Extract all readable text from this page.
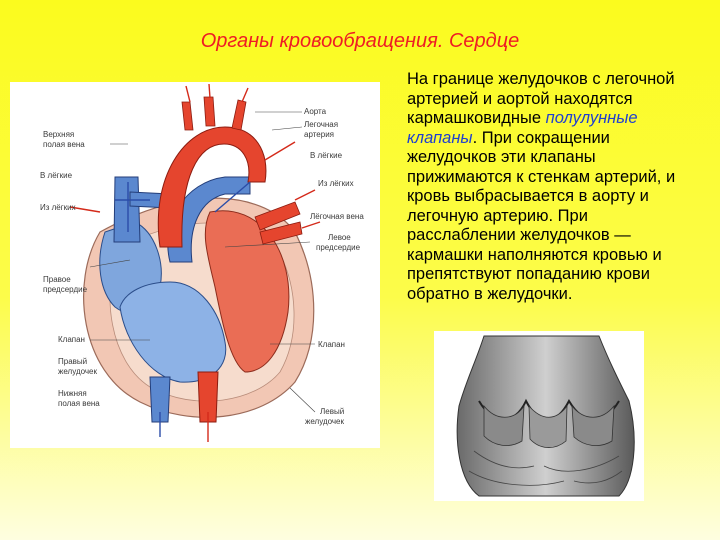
Органы кровообращения. Сердце
Аорта
Легочная
артерия
Верхняя
полая вена
В лёгкие
В лёгкие
Из лёгких
Из лёгких
Лёгочная вена
Левое
предсердие
Правое
предсердие
Клапан
Клапан
Правый
желудочек
Нижняя
полая вена
Левый
желудочек
На границе желудочков с легочной артерией и аортой находятся кармашковидные полулунные клапаны. При сокращении желудочков эти клапаны прижимаются к стенкам артерий, и кровь выбрасывается в аорту и легочную артерию. При расслаблении желудочков — кармашки наполняются кровью и препятствуют попаданию крови обратно в желудочки.
